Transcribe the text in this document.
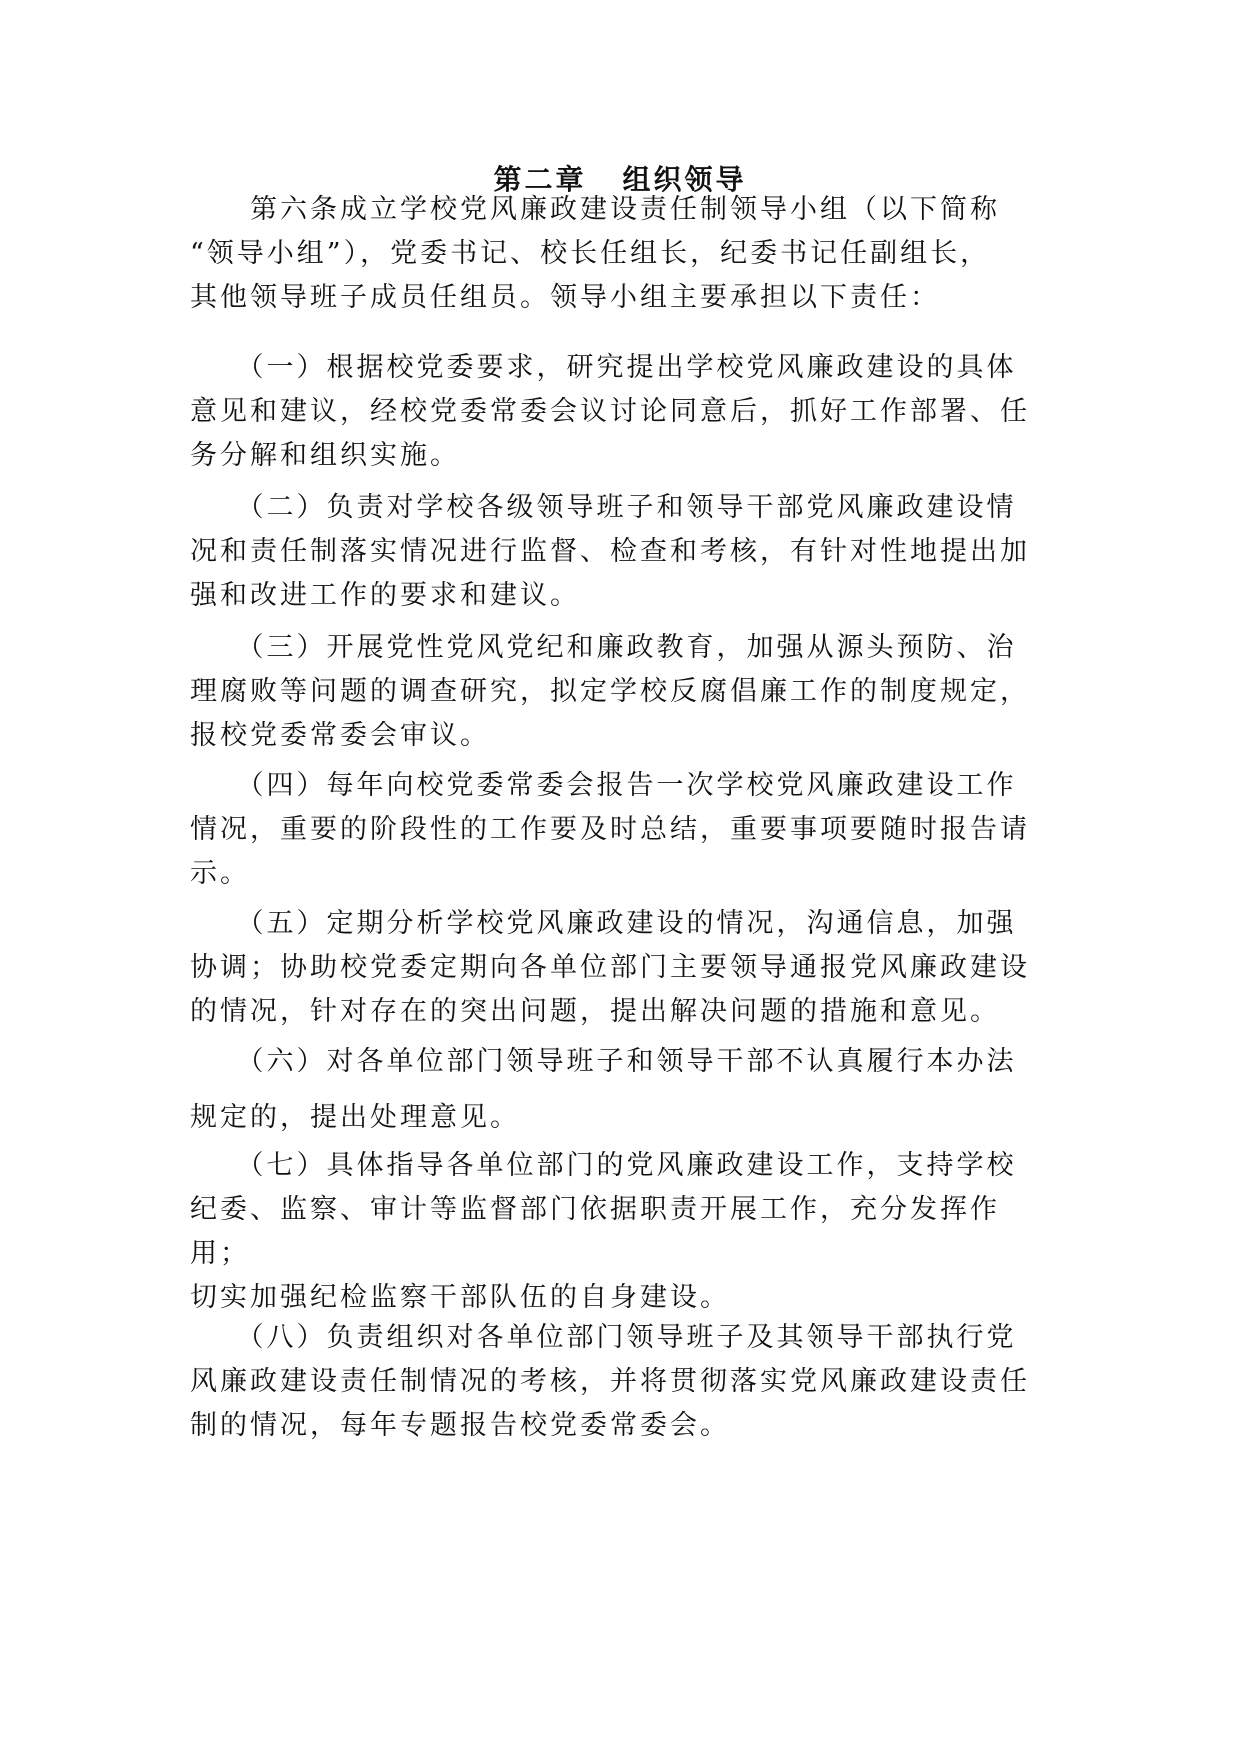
第二章 组织领导

　　第六条成立学校党风廉政建设责任制领导小组（以下简称
“领导小组”），党委书记、校长任组长，纪委书记任副组长，
其他领导班子成员任组员。领导小组主要承担以下责任：

　　（一）根据校党委要求，研究提出学校党风廉政建设的具体
意见和建议，经校党委常委会议讨论同意后，抓好工作部署、任
务分解和组织实施。

　　（二）负责对学校各级领导班子和领导干部党风廉政建设情
况和责任制落实情况进行监督、检查和考核，有针对性地提出加
强和改进工作的要求和建议。

　　（三）开展党性党风党纪和廉政教育，加强从源头预防、治
理腐败等问题的调查研究，拟定学校反腐倡廉工作的制度规定，
报校党委常委会审议。

　　（四）每年向校党委常委会报告一次学校党风廉政建设工作
情况，重要的阶段性的工作要及时总结，重要事项要随时报告请
示。

　　（五）定期分析学校党风廉政建设的情况，沟通信息，加强
协调；协助校党委定期向各单位部门主要领导通报党风廉政建设
的情况，针对存在的突出问题，提出解决问题的措施和意见。

　　（六）对各单位部门领导班子和领导干部不认真履行本办法
规定的，提出处理意见。

　　（七）具体指导各单位部门的党风廉政建设工作，支持学校
纪委、监察、审计等监督部门依据职责开展工作，充分发挥作
用；
切实加强纪检监察干部队伍的自身建设。

　　（八）负责组织对各单位部门领导班子及其领导干部执行党
风廉政建设责任制情况的考核，并将贯彻落实党风廉政建设责任
制的情况，每年专题报告校党委常委会。
